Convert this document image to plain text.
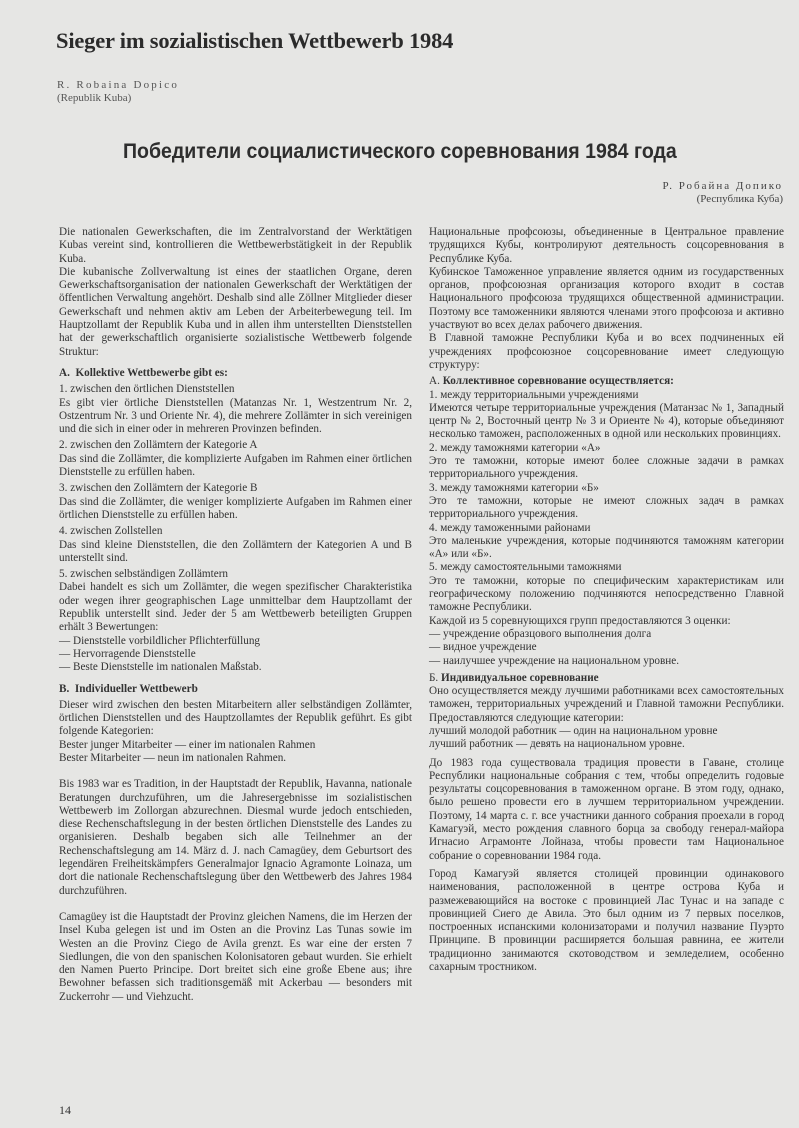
Sieger im sozialistischen Wettbewerb 1984
R. Robaina Dopico
(Republik Kuba)
Победители социалистического соревнования 1984 года
Р. Робайна Допико
(Республика Куба)

Die nationalen Gewerkschaften, die im Zentralvorstand der Werktätigen Kubas vereint sind, kontrollieren die Wettbewerbstätigkeit in der Republik Kuba.

Die kubanische Zollverwaltung ist eines der staatlichen Organe, deren Gewerkschaftsorganisation der nationalen Gewerkschaft der Werktätigen der öffentlichen Verwaltung angehört. Deshalb sind alle Zöllner Mitglieder dieser Gewerkschaft und nehmen aktiv am Leben der Arbeiterbewegung teil. Im Hauptzollamt der Republik Kuba und in allen ihm unterstellten Dienststellen hat der gewerkschaftlich organisierte sozialistische Wettbewerb folgende Struktur:

A. Kollektive Wettbewerbe gibt es:

1. zwischen den örtlichen Dienststellen

Es gibt vier örtliche Dienststellen (Matanzas Nr. 1, Westzentrum Nr. 2, Ostzentrum Nr. 3 und Oriente Nr. 4), die mehrere Zollämter in sich vereinigen und die sich in einer oder in mehreren Provinzen befinden.

2. zwischen den Zollämtern der Kategorie A

Das sind die Zollämter, die komplizierte Aufgaben im Rahmen einer örtlichen Dienststelle zu erfüllen haben.

3. zwischen den Zollämtern der Kategorie B

Das sind die Zollämter, die weniger komplizierte Aufgaben im Rahmen einer örtlichen Dienststelle zu erfüllen haben.

4. zwischen Zollstellen

Das sind kleine Dienststellen, die den Zollämtern der Kategorien A und B unterstellt sind.

5. zwischen selbständigen Zollämtern

Dabei handelt es sich um Zollämter, die wegen spezifischer Charakteristika oder wegen ihrer geographischen Lage unmittelbar dem Hauptzollamt der Republik unterstellt sind. Jeder der 5 am Wettbewerb beteiligten Gruppen erhält 3 Bewertungen:

— Dienststelle vorbildlicher Pflichterfüllung

— Hervorragende Dienststelle

— Beste Dienststelle im nationalen Maßstab.

B. Individueller Wettbewerb

Dieser wird zwischen den besten Mitarbeitern aller selbständigen Zollämter, örtlichen Dienststellen und des Hauptzollamtes der Republik geführt. Es gibt folgende Kategorien:

Bester junger Mitarbeiter — einer im nationalen Rahmen

Bester Mitarbeiter — neun im nationalen Rahmen.

Bis 1983 war es Tradition, in der Hauptstadt der Republik, Havanna, nationale Beratungen durchzuführen, um die Jahresergebnisse im sozialistischen Wettbewerb im Zollorgan abzurechnen. Diesmal wurde jedoch entschieden, diese Rechenschaftslegung in der besten örtlichen Dienststelle des Landes zu organisieren. Deshalb begaben sich alle Teilnehmer an der Rechenschaftslegung am 14. März d. J. nach Camagüey, dem Geburtsort des legendären Freiheitskämpfers Generalmajor Ignacio Agramonte Loinaza, um dort die nationale Rechenschaftslegung über den Wettbewerb des Jahres 1984 durchzuführen.

Camagüey ist die Hauptstadt der Provinz gleichen Namens, die im Herzen der Insel Kuba gelegen ist und im Osten an die Provinz Las Tunas sowie im Westen an die Provinz Ciego de Avila grenzt. Es war eine der ersten 7 Siedlungen, die von den spanischen Kolonisatoren gebaut wurden. Sie erhielt den Namen Puerto Principe. Dort breitet sich eine große Ebene aus; ihre Bewohner befassen sich traditionsgemäß mit Ackerbau — besonders mit Zuckerrohr — und Viehzucht.

Национальные профсоюзы, объединенные в Центральное правление трудящихся Кубы, контролируют деятельность соцсоревнования в Республике Куба.

Кубинское Таможенное управление является одним из государственных органов, профсоюзная организация которого входит в состав Национального профсоюза трудящихся общественной администрации. Поэтому все таможенники являются членами этого профсоюза и активно участвуют во всех делах рабочего движения.

В Главной таможне Республики Куба и во всех подчиненных ей учреждениях профсоюзное соцсоревнование имеет следующую структуру:

А. Коллективное соревнование осуществляется:

1. между территориальными учреждениями

Имеются четыре территориальные учреждения (Матанзас № 1, Западный центр № 2, Восточный центр № 3 и Ориенте № 4), которые объединяют несколько таможен, расположенных в одной или нескольких провинциях.

2. между таможнями категории «А»

Это те таможни, которые имеют более сложные задачи в рамках территориального учреждения.

3. между таможнями категории «Б»

Это те таможни, которые не имеют сложных задач в рамках территориального учреждения.

4. между таможенными районами

Это маленькие учреждения, которые подчиняются таможням категории «А» или «Б».

5. между самостоятельными таможнями

Это те таможни, которые по специфическим характеристикам или географическому положению подчиняются непосредственно Главной таможне Республики.

Каждой из 5 соревнующихся групп предоставляются 3 оценки:

— учреждение образцового выполнения долга

— видное учреждение

— наилучшее учреждение на национальном уровне.

Б. Индивидуальное соревнование

Оно осуществляется между лучшими работниками всех самостоятельных таможен, территориальных учреждений и Главной таможни Республики. Предоставляются следующие категории:

лучший молодой работник — один на национальном уровне

лучший работник — девять на национальном уровне.

До 1983 года существовала традиция провести в Гаване, столице Республики национальные собрания с тем, чтобы определить годовые результаты соцсоревнования в таможенном органе. В этом году, однако, было решено провести его в лучшем территориальном учреждении. Поэтому, 14 марта с. г. все участники данного собрания проехали в город Камагуэй, место рождения славного борца за свободу генерал-майора Игнасио Аграмонте Лойназа, чтобы провести там Национальное собрание о соревновании 1984 года.

Город Камагуэй является столицей провинции одинакового наименования, расположенной в центре острова Куба и размежевающийся на востоке с провинцией Лас Тунас и на западе с провинцией Сиего де Авила. Это был одним из 7 первых поселков, построенных испанскими колонизаторами и получил название Пуэрто Принципе. В провинции расширяется большая равнина, ее жители традиционно занимаются скотоводством и земледелием, особенно сахарным тростником.

14
